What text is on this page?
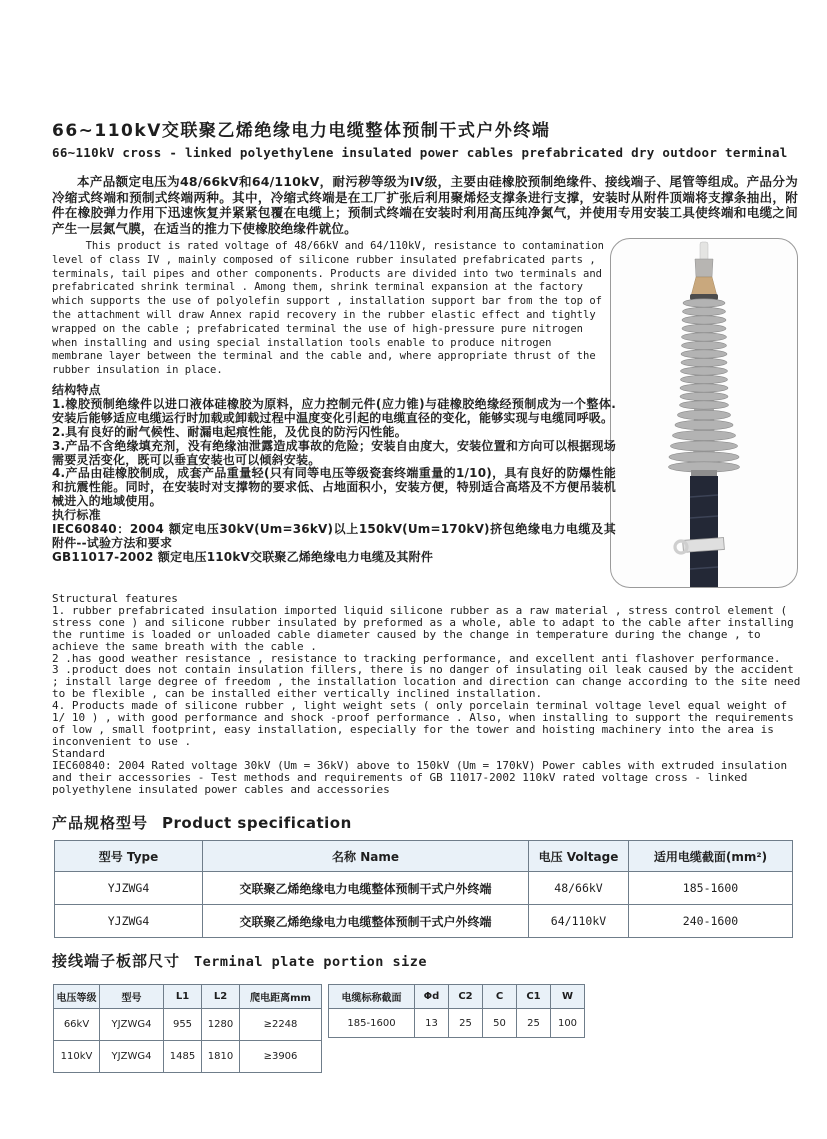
66~110kV交联聚乙烯绝缘电力电缆整体预制干式户外终端
66~110kV cross - linked polyethylene insulated power cables prefabricated dry outdoor terminal
本产品额定电压为48/66kV和64/110kV，耐污秽等级为IV级，主要由硅橡胶预制绝缘件、接线端子、尾管等组成。产品分为冷缩式终端和预制式终端两种。其中，冷缩式终端是在工厂扩张后利用聚烯烃支撑条进行支撑，安装时从附件顶端将支撑条抽出，附件在橡胶弹力作用下迅速恢复并紧紧包覆在电缆上；预制式终端在安装时利用高压纯净氮气，并使用专用安装工具使终端和电缆之间产生一层氮气膜，在适当的推力下使橡胶绝缘件就位。
This product is rated voltage of 48/66kV and 64/110kV, resistance to contamination level of class IV , mainly composed of silicone rubber insulated prefabricated parts , terminals, tail pipes and other components. Products are divided into two terminals and prefabricated shrink terminal . Among them, shrink terminal expansion at the factory which supports the use of polyolefin support , installation support bar from the top of the attachment will draw Annex rapid recovery in the rubber elastic effect and tightly wrapped on the cable ; prefabricated terminal the use of high-pressure pure nitrogen when installing and using special installation tools enable to produce nitrogen membrane layer between the terminal and the cable and, where appropriate thrust of the rubber insulation in place.
结构特点
1.橡胶预制绝缘件以进口液体硅橡胶为原料，应力控制元件(应力锥)与硅橡胶绝缘经预制成为一个整体.安装后能够适应电缆运行时加载或卸载过程中温度变化引起的电缆直径的变化，能够实现与电缆同呼吸。
2.具有良好的耐气候性、耐漏电起痕性能，及优良的防污闪性能。
3.产品不含绝缘填充剂，没有绝缘油泄露造成事故的危险；安装自由度大，安装位置和方向可以根据现场需要灵活变化，既可以垂直安装也可以倾斜安装。
4.产品由硅橡胶制成，成套产品重量轻(只有同等电压等级瓷套终端重量的1/10)，具有良好的防爆性能和抗震性能。同时，在安装时对支撑物的要求低、占地面积小，安装方便，特别适合高塔及不方便吊装机械进入的地域使用。
执行标准
IEC60840：2004 额定电压30kV(Um=36kV)以上150kV(Um=170kV)挤包绝缘电力电缆及其附件--试验方法和要求
GB11017-2002 额定电压110kV交联聚乙烯绝缘电力电缆及其附件
Structural features
1. rubber prefabricated insulation imported liquid silicone rubber as a raw material , stress control element ( stress cone ) and silicone rubber insulated by preformed as a whole, able to adapt to the cable after installing the runtime is loaded or unloaded cable diameter caused by the change in temperature during the change , to achieve the same breath with the cable .
2 .has good weather resistance , resistance to tracking performance, and excellent anti flashover performance.
3 .product does not contain insulation fillers, there is no danger of insulating oil leak caused by the accident ; install large degree of freedom , the installation location and direction can change according to the site need to be flexible , can be installed either vertically inclined installation.
4. Products made of silicone rubber , light weight sets ( only porcelain terminal voltage level equal weight of 1/ 10 ) , with good performance and shock -proof performance . Also, when installing to support the requirements of low , small footprint, easy installation, especially for the tower and hoisting machinery into the area is inconvenient to use .
Standard
IEC60840: 2004 Rated voltage 30kV (Um = 36kV) above to 150kV (Um = 170kV) Power cables with extruded insulation and their accessories - Test methods and requirements of GB 11017-2002 110kV rated voltage cross - linked polyethylene insulated power cables and accessories
产品规格型号 Product specification
型号 Type	名称 Name	电压 Voltage	适用电缆截面(mm²)
YJZWG4	交联聚乙烯绝缘电力电缆整体预制干式户外终端	48/66kV	185-1600
YJZWG4	交联聚乙烯绝缘电力电缆整体预制干式户外终端	64/110kV	240-1600
接线端子板部尺寸 Terminal plate portion size
电压等级	型号	L1	L2	爬电距离mm
66kV	YJZWG4	955	1280	≥2248
110kV	YJZWG4	1485	1810	≥3906
电缆标称截面	Φd	C2	C	C1	W
185-1600	13	25	50	25	100
